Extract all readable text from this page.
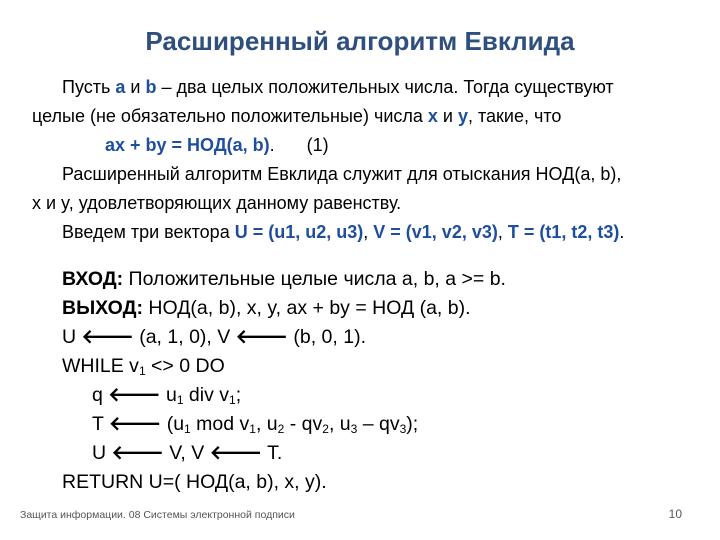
Расширенный алгоритм Евклида
Пусть a и b – два целых положительных числа. Тогда существуют
целые (не обязательно положительные) числа x и y, такие, что
ax + by = НОД(a, b). (1)
Расширенный алгоритм Евклида служит для отыскания НОД(a, b),
x и y, удовлетворяющих данному равенству.
Введем три вектора U = (u1, u2, u3), V = (v1, v2, v3), T = (t1, t2, t3).
ВХОД: Положительные целые числа a, b, a >= b.
ВЫХОД: НОД(a, b), x, y, ax + by = НОД (a, b).
U 🡐 (a, 1, 0), V 🡐 (b, 0, 1).
WHILE $v_1 <> 0$ DO
q 🡐 $u_1$ div $v_1$;
T 🡐 ($u_1$ mod $v_1$, $u_2 - qv_2$, $u_3 - qv_3$);
U 🡐 V, V 🡐 T.
RETURN U=( НОД(a, b), x, y).
Защита информации. 08 Системы электронной подписи	10
